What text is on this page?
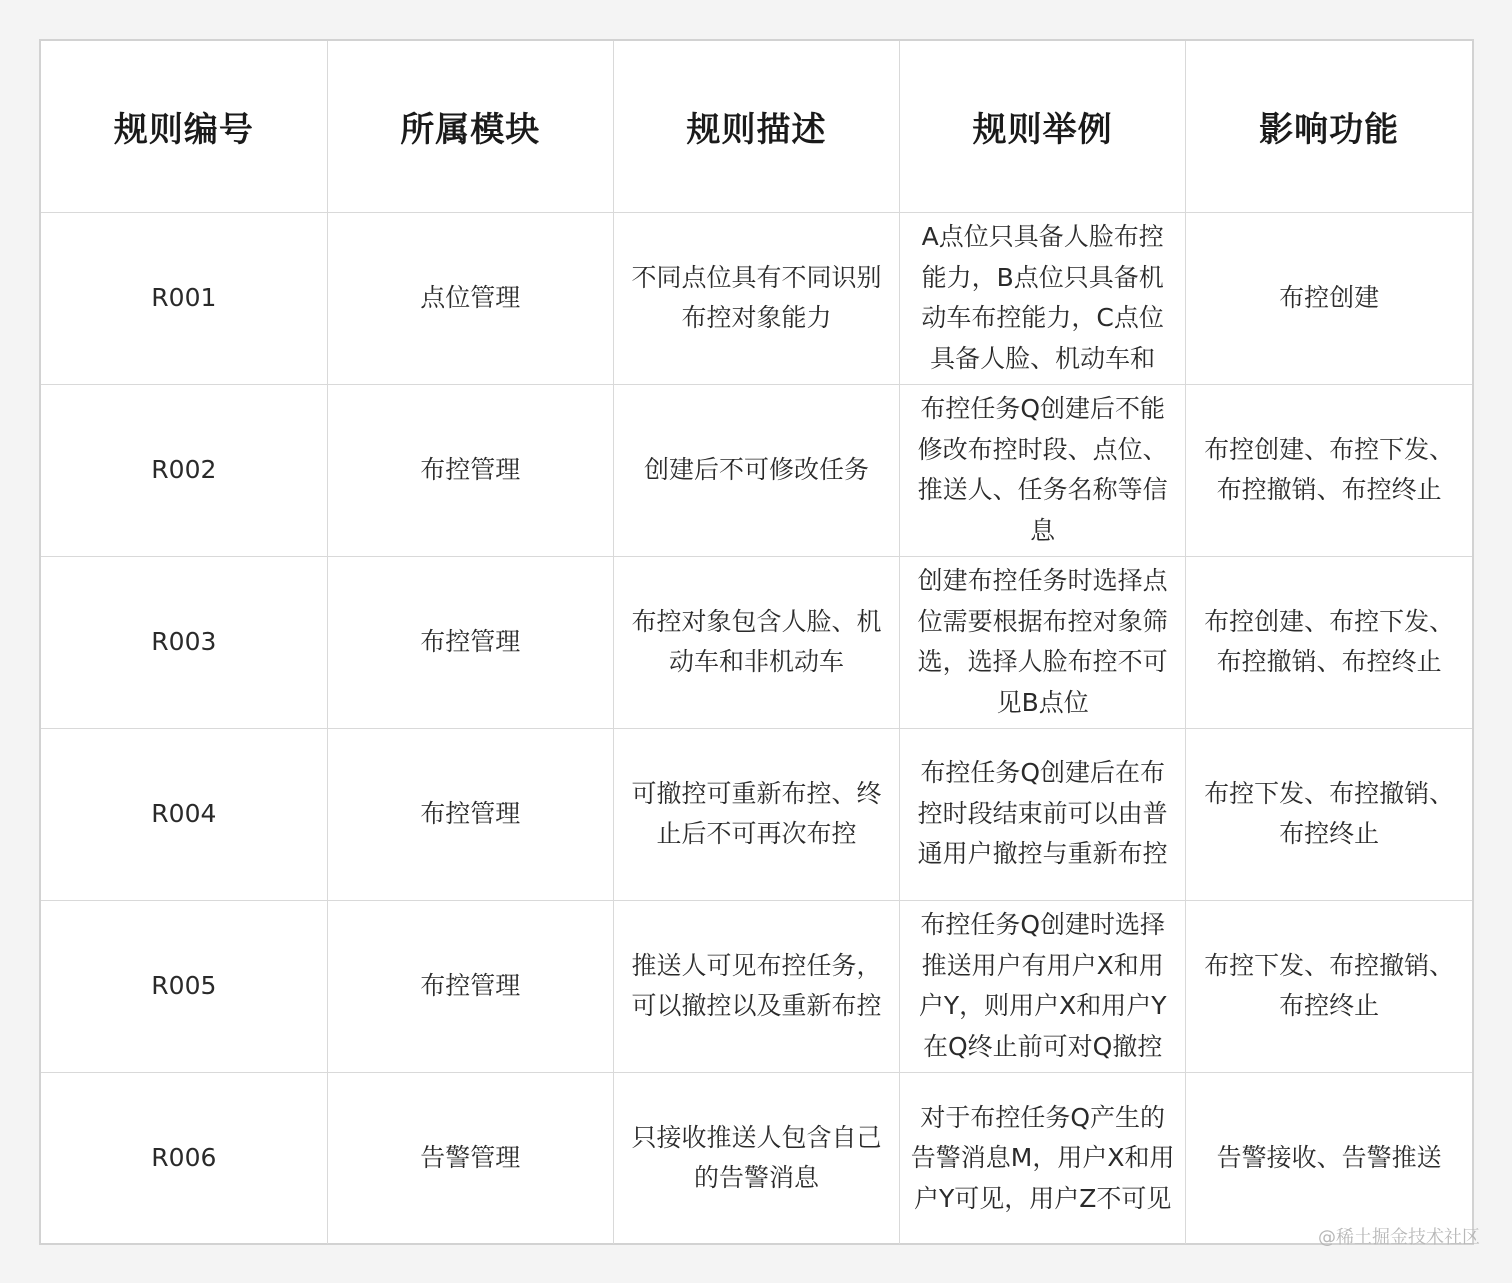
规则编号	所属模块	规则描述	规则举例	影响功能
R001	点位管理	不同点位具有不同识别布控对象能力	A点位只具备人脸布控能力，B点位只具备机动车布控能力，C点位具备人脸、机动车和	布控创建
R002	布控管理	创建后不可修改任务	布控任务Q创建后不能修改布控时段、点位、推送人、任务名称等信息	布控创建、布控下发、布控撤销、布控终止
R003	布控管理	布控对象包含人脸、机动车和非机动车	创建布控任务时选择点位需要根据布控对象筛选，选择人脸布控不可见B点位	布控创建、布控下发、布控撤销、布控终止
R004	布控管理	可撤控可重新布控、终止后不可再次布控	布控任务Q创建后在布控时段结束前可以由普通用户撤控与重新布控	布控下发、布控撤销、布控终止
R005	布控管理	推送人可见布控任务，可以撤控以及重新布控	布控任务Q创建时选择推送用户有用户X和用户Y，则用户X和用户Y在Q终止前可对Q撤控	布控下发、布控撤销、布控终止
R006	告警管理	只接收推送人包含自己的告警消息	对于布控任务Q产生的告警消息M，用户X和用户Y可见，用户Z不可见	告警接收、告警推送
@稀土掘金技术社区
